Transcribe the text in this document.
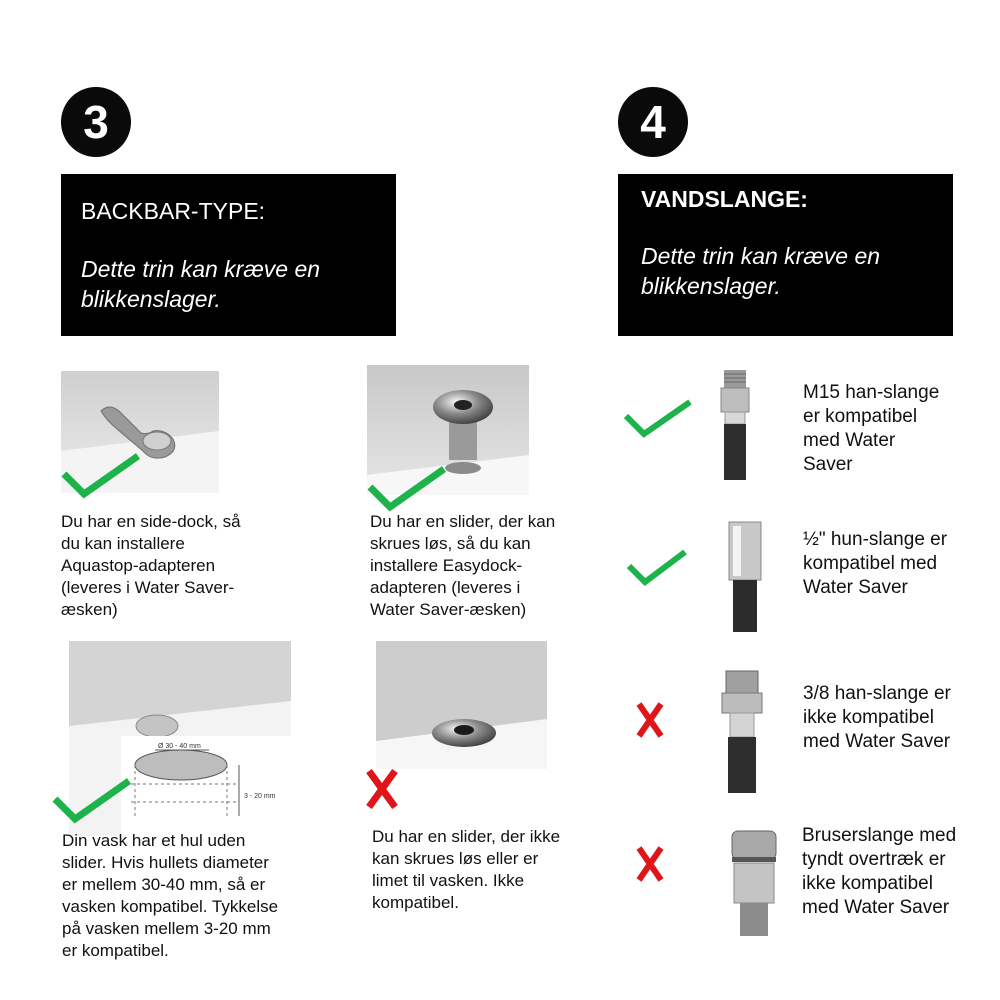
3	4
BACKBAR-TYPE:
Dette trin kan kræve en
blikkenslager.
VANDSLANGE:
Dette trin kan kræve en
blikkenslager.
Ø 30 - 40 mm
3 - 20 mm
Du har en side-dock, så
du kan installere
Aquastop-adapteren
(leveres i Water Saver-
æsken)
Du har en slider, der kan
skrues løs, så du kan
installere Easydock-
adapteren (leveres i
Water Saver-æsken)
Din vask har et hul uden
slider. Hvis hullets diameter
er mellem 30-40 mm, så er
vasken kompatibel. Tykkelse
på vasken mellem 3-20 mm
er kompatibel.
Du har en slider, der ikke
kan skrues løs eller er
limet til vasken. Ikke
kompatibel.
M15 han-slange
er kompatibel
med Water
Saver
½" hun-slange er
kompatibel med
Water Saver
3/8 han-slange er
ikke kompatibel
med Water Saver
Bruserslange med
tyndt overtræk er
ikke kompatibel
med Water Saver
